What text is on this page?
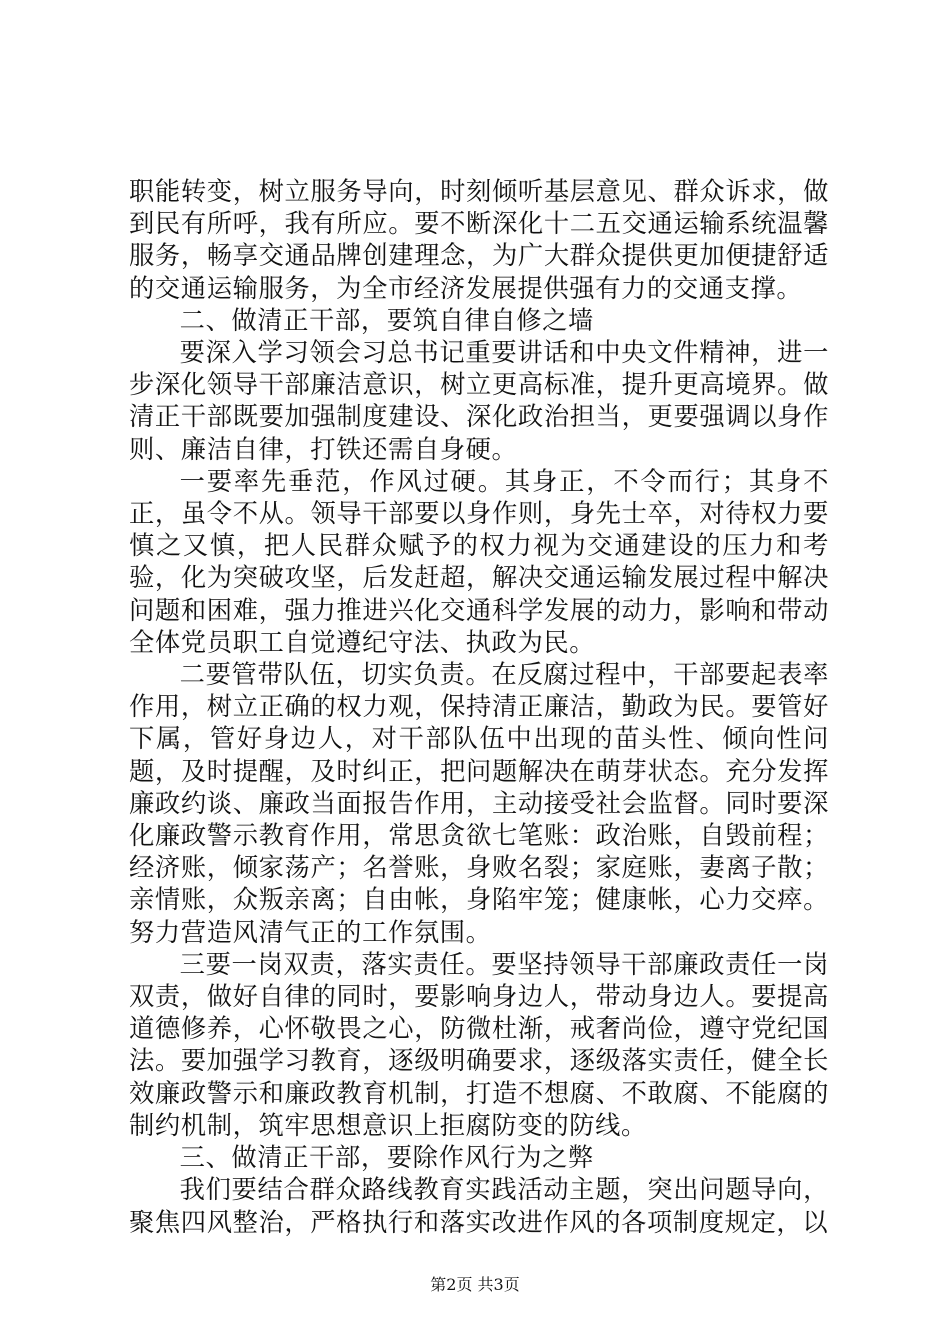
职能转变，树立服务导向，时刻倾听基层意见、群众诉求，做到民有所呼，我有所应。要不断深化十二五交通运输系统温馨服务，畅享交通品牌创建理念，为广大群众提供更加便捷舒适的交通运输服务，为全市经济发展提供强有力的交通支撑。

二、做清正干部，要筑自律自修之墙

要深入学习领会习总书记重要讲话和中央文件精神，进一步深化领导干部廉洁意识，树立更高标准，提升更高境界。做清正干部既要加强制度建设、深化政治担当，更要强调以身作则、廉洁自律，打铁还需自身硬。

一要率先垂范，作风过硬。其身正，不令而行；其身不正，虽令不从。领导干部要以身作则，身先士卒，对待权力要慎之又慎，把人民群众赋予的权力视为交通建设的压力和考验，化为突破攻坚，后发赶超，解决交通运输发展过程中解决问题和困难，强力推进兴化交通科学发展的动力，影响和带动全体党员职工自觉遵纪守法、执政为民。

二要管带队伍，切实负责。在反腐过程中，干部要起表率作用，树立正确的权力观，保持清正廉洁，勤政为民。要管好下属，管好身边人，对干部队伍中出现的苗头性、倾向性问题，及时提醒，及时纠正，把问题解决在萌芽状态。充分发挥廉政约谈、廉政当面报告作用，主动接受社会监督。同时要深化廉政警示教育作用，常思贪欲七笔账：政治账，自毁前程；经济账，倾家荡产；名誉账，身败名裂；家庭账，妻离子散；亲情账，众叛亲离；自由帐，身陷牢笼；健康帐，心力交瘁。努力营造风清气正的工作氛围。

三要一岗双责，落实责任。要坚持领导干部廉政责任一岗双责，做好自律的同时，要影响身边人，带动身边人。要提高道德修养，心怀敬畏之心，防微杜渐，戒奢尚俭，遵守党纪国法。要加强学习教育，逐级明确要求，逐级落实责任，健全长效廉政警示和廉政教育机制，打造不想腐、不敢腐、不能腐的制约机制，筑牢思想意识上拒腐防变的防线。

三、做清正干部，要除作风行为之弊

我们要结合群众路线教育实践活动主题，突出问题导向，聚焦四风整治，严格执行和落实改进作风的各项制度规定，以

第2页 共3页
